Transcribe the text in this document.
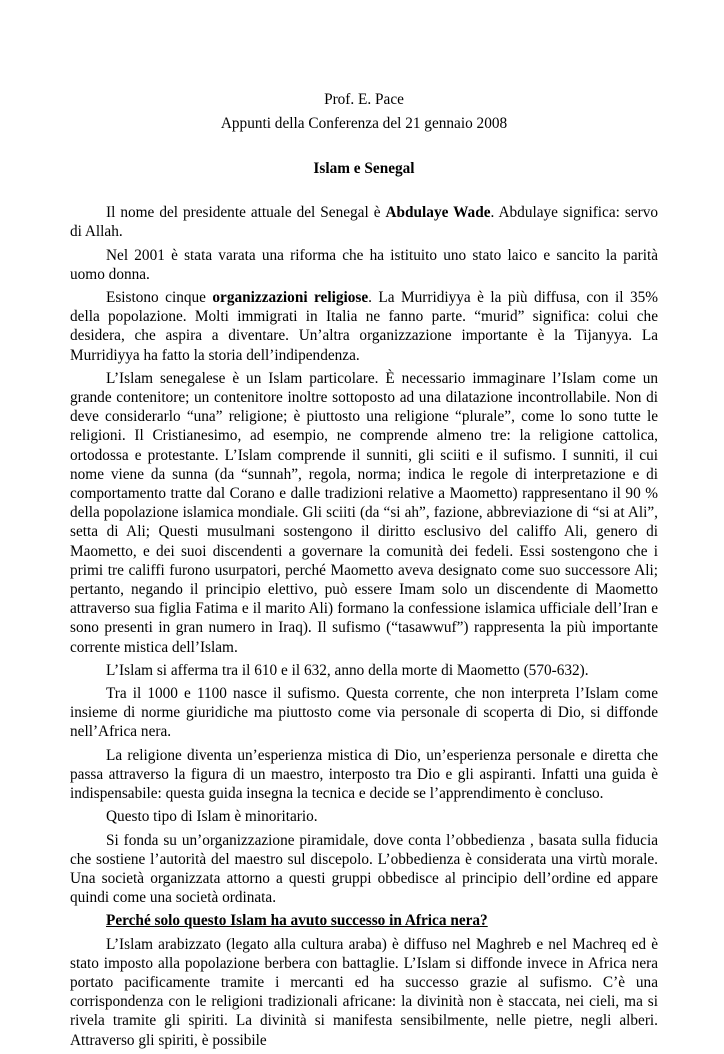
Prof. E. Pace

Appunti della Conferenza del 21 gennaio 2008

Islam e Senegal

Il nome del presidente attuale del Senegal è Abdulaye Wade. Abdulaye significa: servo di Allah.

Nel 2001 è stata varata una riforma che ha istituito uno stato laico e sancito la parità uomo donna.

Esistono cinque organizzazioni religiose. La Murridiyya è la più diffusa, con il 35% della popolazione. Molti immigrati in Italia ne fanno parte. “murid” significa: colui che desidera, che aspira a diventare. Un’altra organizzazione importante è la Tijanyya. La Murridiyya ha fatto la storia dell’indipendenza.

L’Islam senegalese è un Islam particolare. È necessario immaginare l’Islam come un grande contenitore; un contenitore inoltre sottoposto ad una dilatazione incontrollabile. Non di deve considerarlo “una” religione; è piuttosto una religione “plurale”, come lo sono tutte le religioni. Il Cristianesimo, ad esempio, ne comprende almeno tre: la religione cattolica, ortodossa e protestante. L’Islam comprende il sunniti, gli sciiti e il sufismo. I sunniti, il cui nome viene da sunna (da “sunnah”, regola, norma; indica le regole di interpretazione e di comportamento tratte dal Corano e dalle tradizioni relative a Maometto) rappresentano il 90 % della popolazione islamica mondiale. Gli sciiti (da “si ah”, fazione, abbreviazione di “si at Ali”, setta di Ali; Questi musulmani sostengono il diritto esclusivo del califfo Ali, genero di Maometto, e dei suoi discendenti a governare la comunità dei fedeli. Essi sostengono che i primi tre califfi furono usurpatori, perché Maometto aveva designato come suo successore Ali; pertanto, negando il principio elettivo, può essere Imam solo un discendente di Maometto attraverso sua figlia Fatima e il marito Ali) formano la confessione islamica ufficiale dell’Iran e sono presenti in gran numero in Iraq). Il sufismo (“tasawwuf”) rappresenta la più importante corrente mistica dell’Islam.

L’Islam si afferma tra il 610 e il 632, anno della morte di Maometto (570-632).

Tra il 1000 e 1100 nasce il sufismo. Questa corrente, che non interpreta l’Islam come insieme di norme giuridiche ma piuttosto come via personale di scoperta di Dio, si diffonde nell’Africa nera.

La religione diventa un’esperienza mistica di Dio, un’esperienza personale e diretta che passa attraverso la figura di un maestro, interposto tra Dio e gli aspiranti. Infatti una guida è indispensabile: questa guida insegna la tecnica e decide se l’apprendimento è concluso.

Questo tipo di Islam è minoritario.

Si fonda su un’organizzazione piramidale, dove conta l’obbedienza , basata sulla fiducia che sostiene l’autorità del maestro sul discepolo. L’obbedienza è considerata una virtù morale. Una società organizzata attorno a questi gruppi obbedisce al principio dell’ordine ed appare quindi come una società ordinata.

Perché solo questo Islam ha avuto successo in Africa nera?

L’Islam arabizzato (legato alla cultura araba) è diffuso nel Maghreb e nel Machreq ed è stato imposto alla popolazione berbera con battaglie. L’Islam si diffonde invece in Africa nera portato pacificamente tramite i mercanti ed ha successo grazie al sufismo. C’è una corrispondenza con le religioni tradizionali africane: la divinità non è staccata, nei cieli, ma si rivela tramite gli spiriti. La divinità si manifesta sensibilmente, nelle pietre, negli alberi. Attraverso gli spiriti, è possibile
